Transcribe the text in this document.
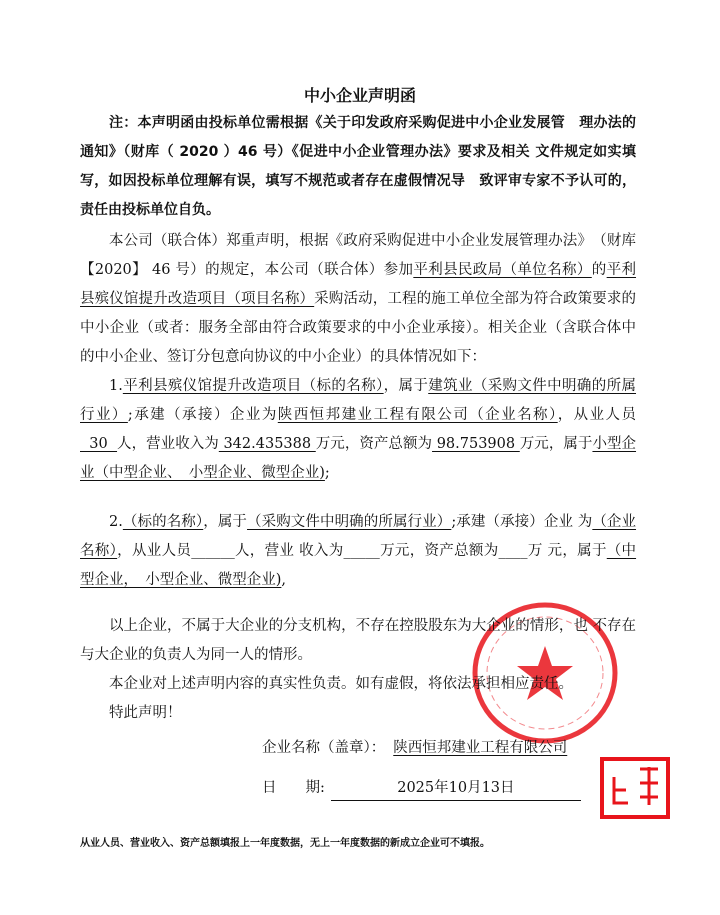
中小企业声明函
注：本声明函由投标单位需根据《关于印发政府采购促进中小企业发展管　理办法的通知》（财库（ 2020 ）46 号）《促进中小企业管理办法》要求及相关 文件规定如实填写，如因投标单位理解有误，填写不规范或者存在虚假情况导　致评审专家不予认可的，责任由投标单位自负。
本公司（联合体）郑重声明，根据《政府采购促进中小企业发展管理办法》　（财库【2020】 46 号）的规定，本公司（联合体）参加平利县民政局（单位名称）的平利县殡仪馆提升改造项目（项目名称）采购活动，工程的施工单位全部为符合政策要求的中小企业（或者：服务全部由符合政策要求的中小企业承接）。相关企业（含联合体中的中小企业、签订分包意向协议的中小企业）的具体情况如下：
1.平利县殡仪馆提升改造项目（标的名称），属于建筑业（采购文件中明确的所属行业）;承建（承接）企业为陕西恒邦建业工程有限公司（企业名称），从业人员  30  人，营业收入为 342.435388 万元，资产总额为 98.753908 万元，属于小型企业（中型企业、　小型企业、微型企业);
2.（标的名称），属于（采购文件中明确的所属行业）;承建（承接）企业 为（企业名称），从业人员______人，营业 收入为_____万元，资产总额为____万 元，属于（中型企业，　小型企业、微型企业),
以上企业，不属于大企业的分支机构，不存在控股股东为大企业的情形，也 不存在与大企业的负责人为同一人的情形。
本企业对上述声明内容的真实性负责。如有虚假，将依法承担相应责任。
特此声明！
企业名称（盖章）： 陕西恒邦建业工程有限公司
日　　期:	2025年10月13日
从业人员、营业收入、资产总额填报上一年度数据，无上一年度数据的新成立企业可不填报。
